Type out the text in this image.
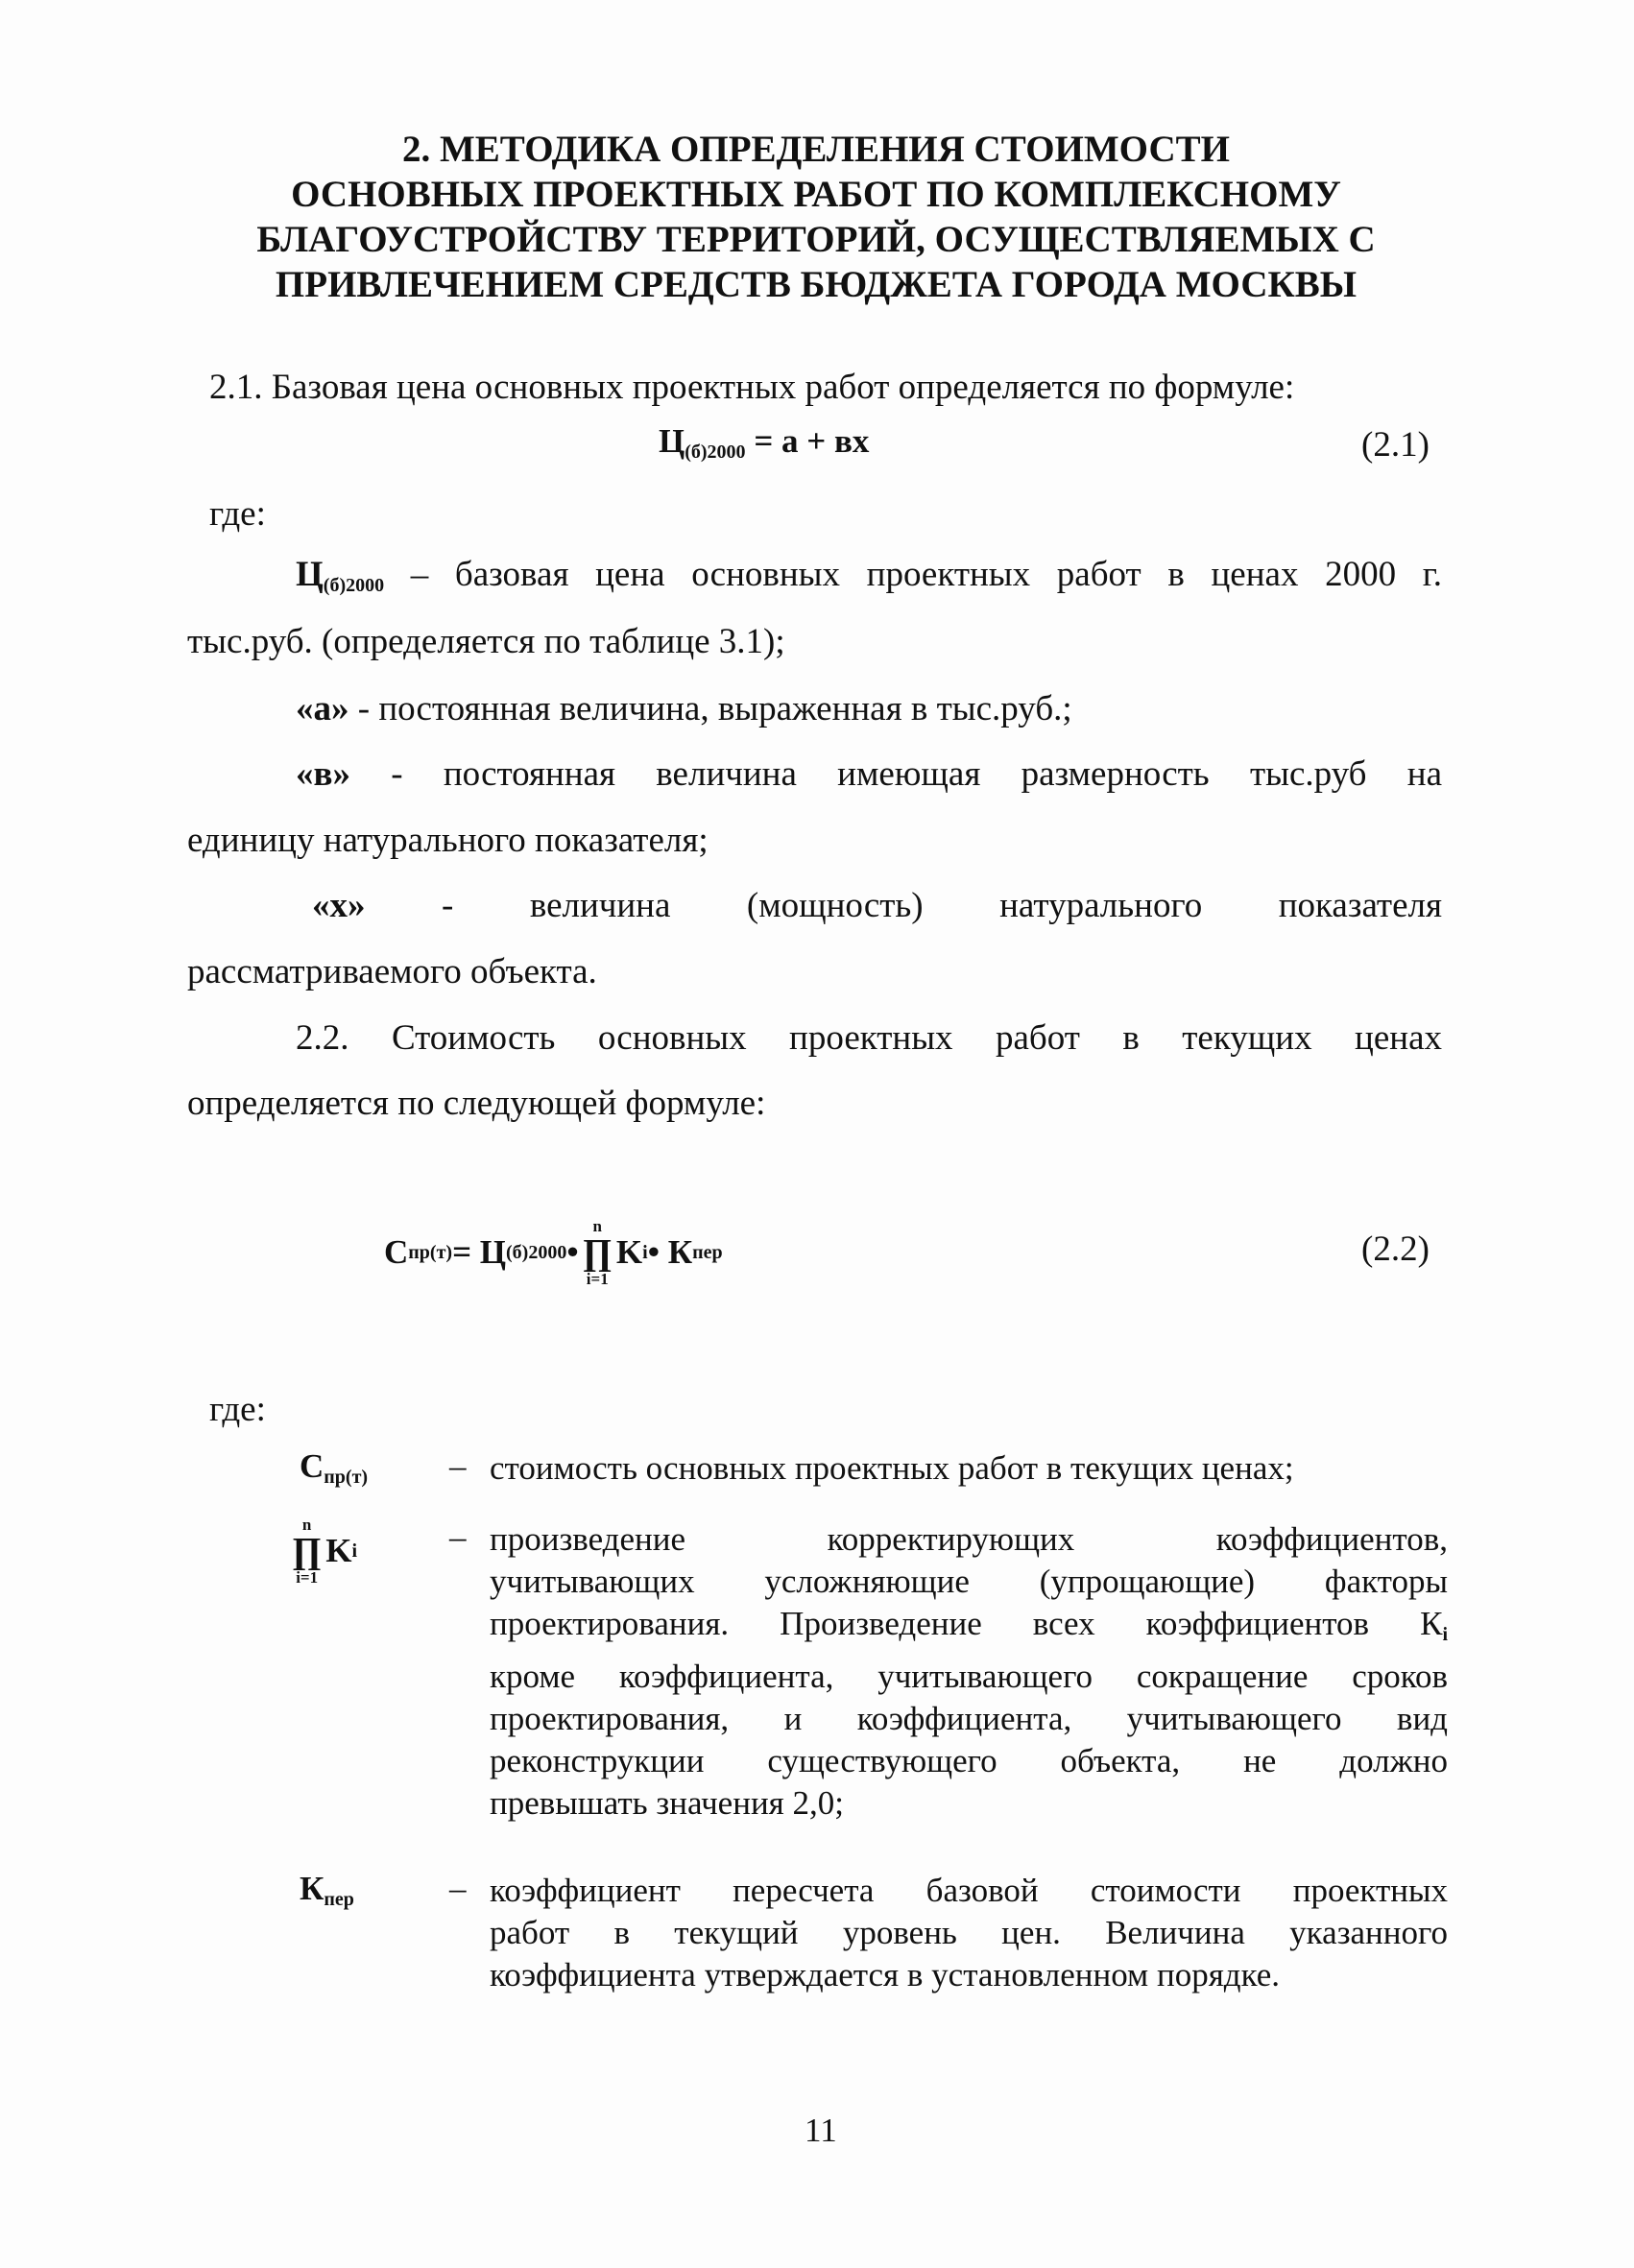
2. МЕТОДИКА ОПРЕДЕЛЕНИЯ СТОИМОСТИ
ОСНОВНЫХ ПРОЕКТНЫХ РАБОТ ПО КОМПЛЕКСНОМУ
БЛАГОУСТРОЙСТВУ ТЕРРИТОРИЙ, ОСУЩЕСТВЛЯЕМЫХ С
ПРИВЛЕЧЕНИЕМ СРЕДСТВ БЮДЖЕТА ГОРОДА МОСКВЫ
2.1. Базовая цена основных проектных работ определяется по формуле:
$Ц_{(б)2000} = а$ + вх	(2.1)
где:
$Ц_{(б)2000}$ – базовая цена основных проектных работ в ценах 2000 г.
тыс.руб. (определяется по таблице 3.1);
«а» - постоянная величина, выраженная в тыс.руб.;
«в» - постоянная величина имеющая размерность тыс.руб на
единицу натурального показателя;
«х» - величина (мощность) натурального показателя
рассматриваемого объекта.
2.2. Стоимость основных проектных работ в текущих ценах
определяется по следующей формуле:
С пр(т) = Ц (б)2000 •
n
∏
i=1
K i • К пер	(2.2)
где:
$С_{пр(т)}$ – стоимость основных проектных работ в текущих ценах;
n
∏
i=1
K i	– произведение корректирующих коэффициентов,
учитывающих усложняющие (упрощающие) факторы
проектирования. Произведение всех коэффициентов $К_i$
кроме коэффициента, учитывающего сокращение сроков
проектирования, и коэффициента, учитывающего вид
реконструкции существующего объекта, не должно
превышать значения 2,0;
$К_{пер}$	– коэффициент пересчета базовой стоимости проектных
работ в текущий уровень цен. Величина указанного
коэффициента утверждается в установленном порядке.
11
